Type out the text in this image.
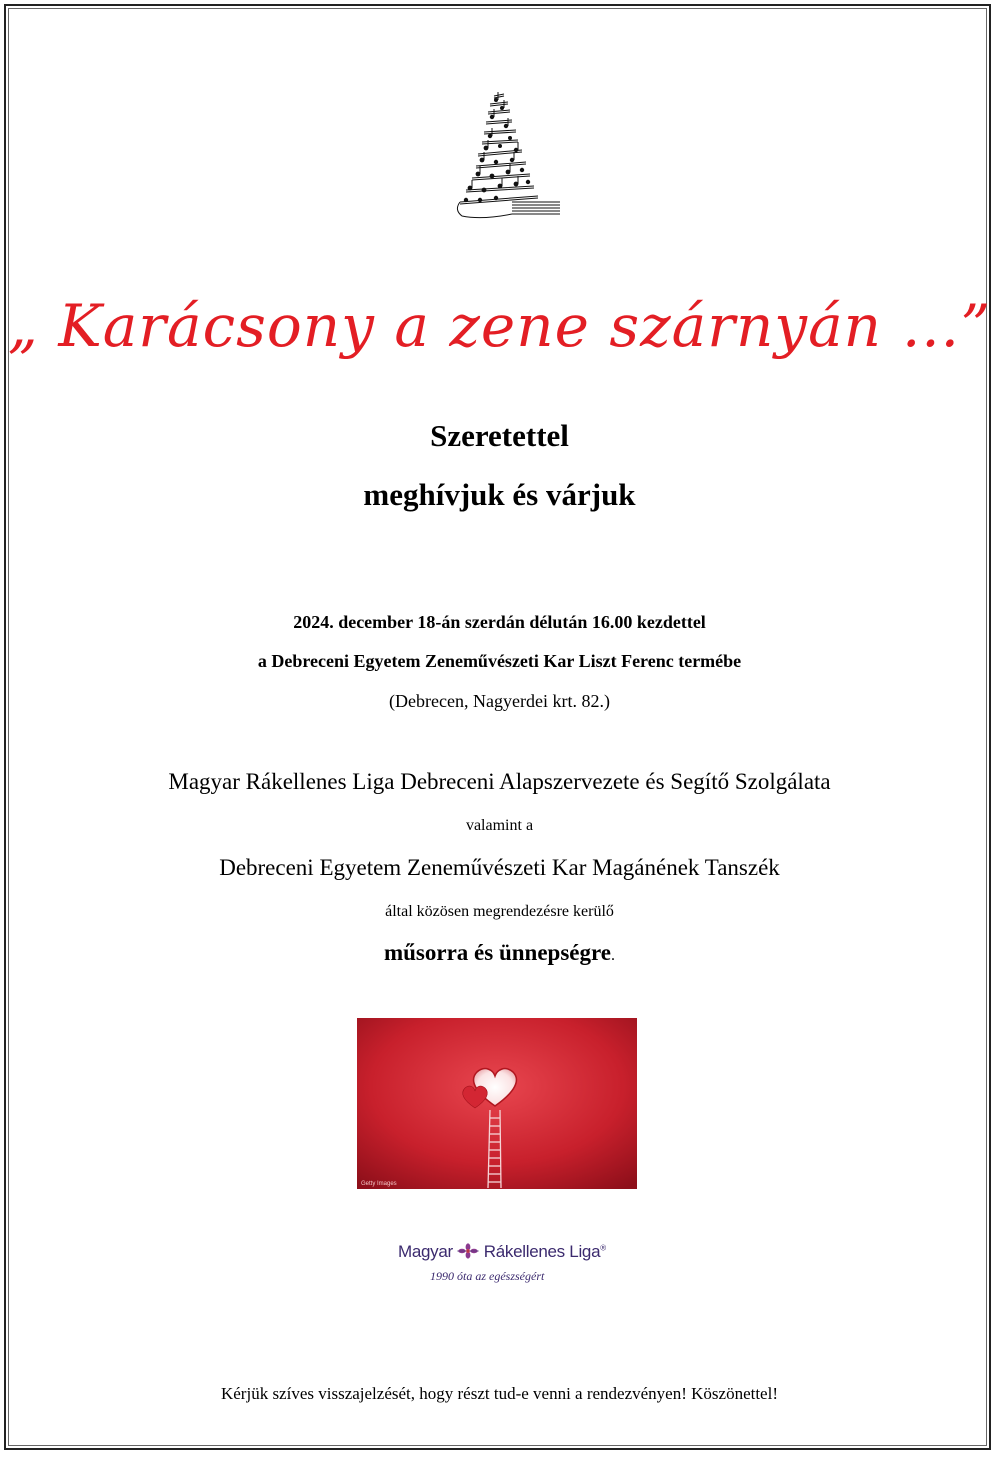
„ Karácsony a zene szárnyán …”
Szeretettel
meghívjuk és várjuk
2024. december 18-án szerdán délután 16.00 kezdettel
a Debreceni Egyetem Zeneművészeti Kar Liszt Ferenc termébe
(Debrecen, Nagyerdei krt. 82.)
Magyar Rákellenes Liga Debreceni Alapszervezete és Segítő Szolgálata
valamint a
Debreceni Egyetem Zeneművészeti Kar Magánének Tanszék
által közösen megrendezésre kerülő
műsorra és ünnepségre.
Getty Images
Magyar Rákellenes Liga®
1990 óta az egészségért
Kérjük szíves visszajelzését, hogy részt tud-e venni a rendezvényen! Köszönettel!
